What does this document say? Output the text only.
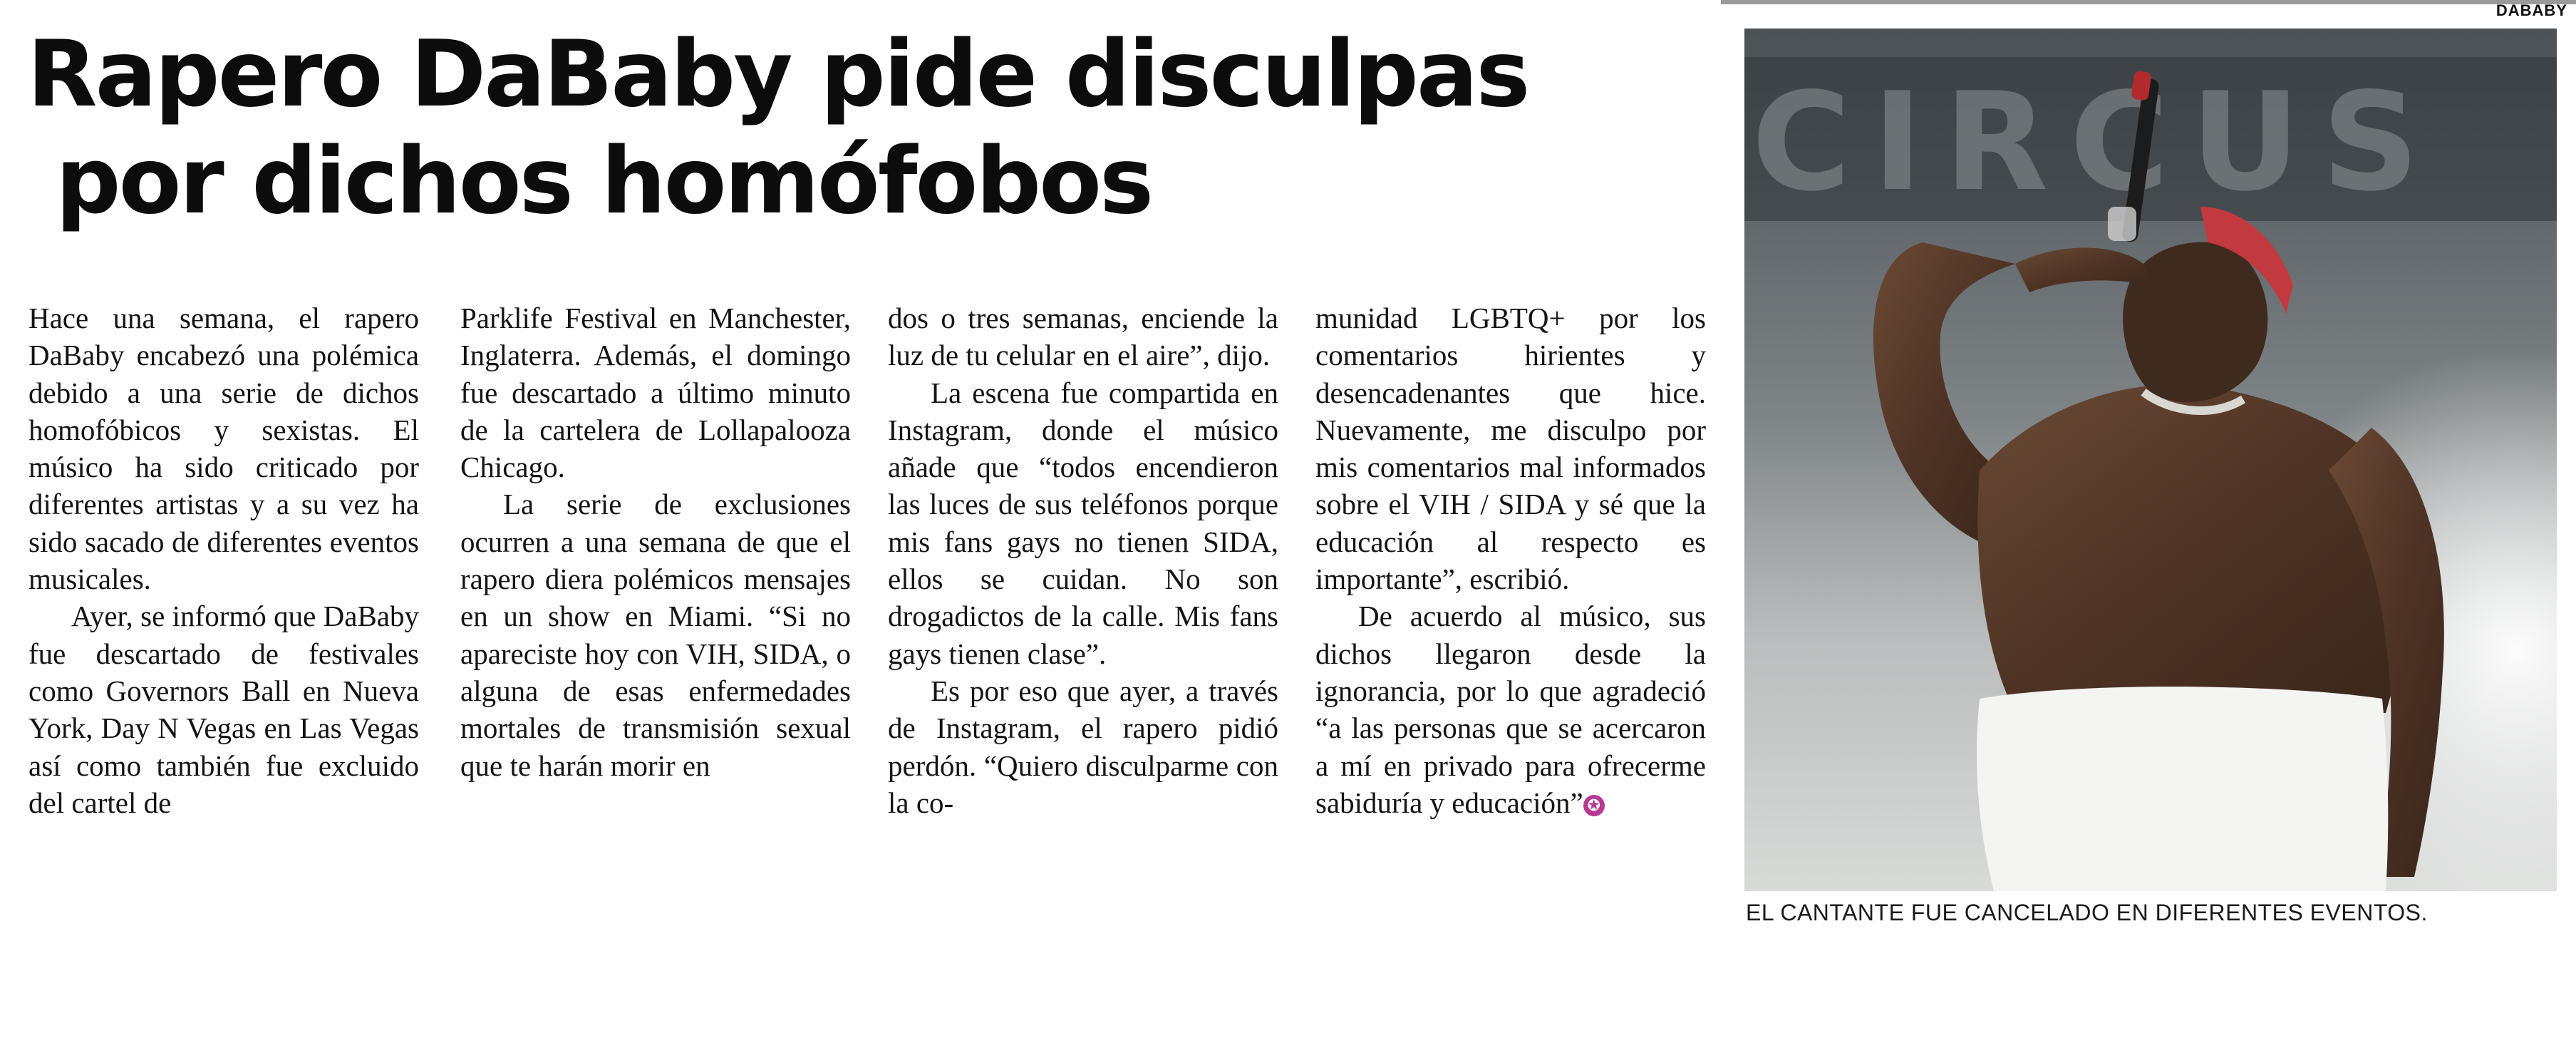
DABABY
Rapero DaBaby pide disculpas
por dichos homófobos

Hace una semana, el rapero DaBaby encabezó una polémica debido a una serie de dichos homofóbicos y sexistas. El músico ha sido criticado por diferentes artistas y a su vez ha sido sacado de diferentes eventos musicales.

Ayer, se informó que DaBaby fue descartado de festivales como Governors Ball en Nueva York, Day N Vegas en Las Vegas así como también fue excluido del cartel de

Parklife Festival en Manchester, Inglaterra. Además, el domingo fue descartado a último minuto de la cartelera de Lollapalooza Chicago.

La serie de exclusiones ocurren a una semana de que el rapero diera polémicos mensajes en un show en Miami. “Si no apareciste hoy con VIH, SIDA, o alguna de esas enfermedades mortales de transmisión sexual que te harán morir en

dos o tres semanas, enciende la luz de tu celular en el aire”, dijo.

La escena fue compartida en Instagram, donde el músico añade que “todos encendieron las luces de sus teléfonos porque mis fans gays no tienen SIDA, ellos se cuidan. No son drogadictos de la calle. Mis fans gays tienen clase”.

Es por eso que ayer, a través de Instagram, el rapero pidió perdón. “Quiero disculparme con la co-

munidad LGBTQ+ por los comentarios hirientes y desencadenantes que hice. Nuevamente, me disculpo por mis comentarios mal informados sobre el VIH / SIDA y sé que la educación al respecto es importante”, escribió.

De acuerdo al músico, sus dichos llegaron desde la ignorancia, por lo que agradeció “a las personas que se acercaron a mí en privado para ofrecerme sabiduría y educación” ✪

EL CANTANTE FUE CANCELADO EN DIFERENTES EVENTOS.
